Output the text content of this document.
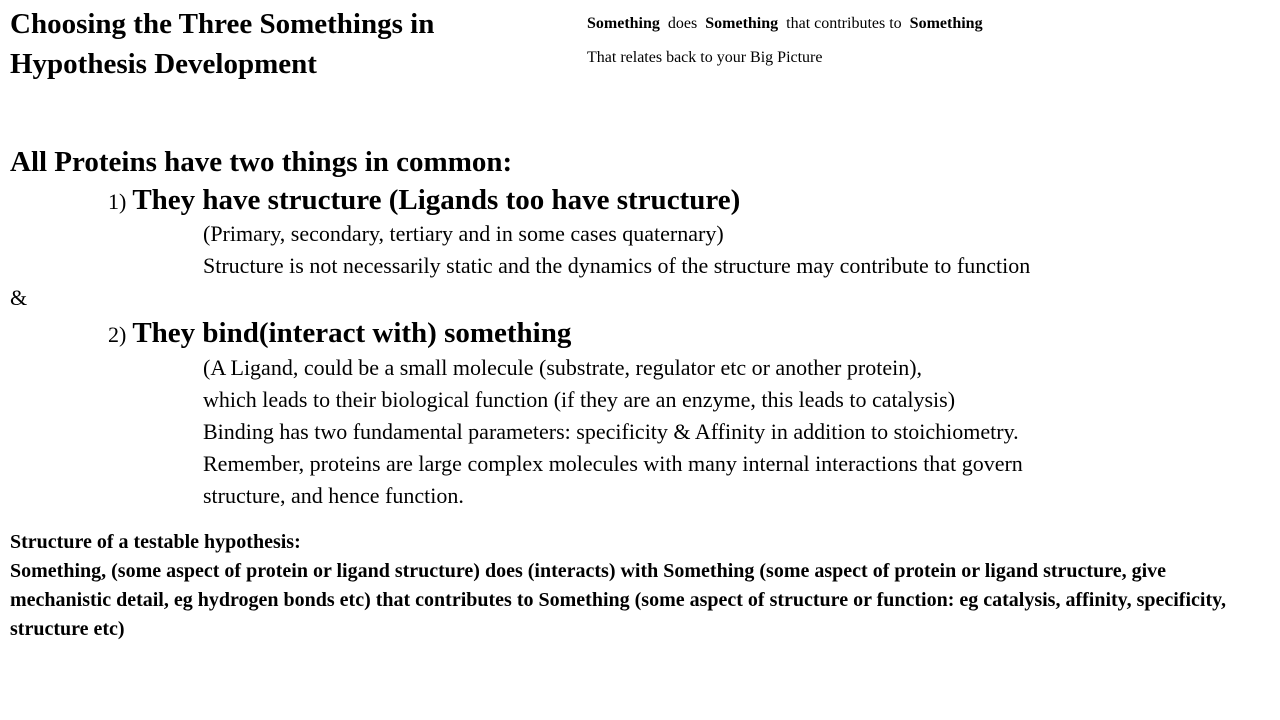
Choosing the Three Somethings in Hypothesis Development
Something does Something that contributes to Something
That relates back to your Big Picture
All Proteins have two things in common:
1) They have structure (Ligands too have structure)
(Primary, secondary, tertiary and in some cases quaternary)
Structure is not necessarily static and the dynamics of the structure may contribute to function
&
2) They bind(interact with) something
(A Ligand, could be a small molecule (substrate, regulator etc or another protein),
which leads to their biological function (if they are an enzyme, this leads to catalysis)
Binding has two fundamental parameters: specificity & Affinity in addition to stoichiometry.
Remember, proteins are large complex molecules with many internal interactions that govern
structure, and hence function.
Structure of a testable hypothesis:
Something, (some aspect of protein or ligand structure) does (interacts) with Something (some aspect of protein or ligand structure, give mechanistic detail, eg hydrogen bonds etc) that contributes to Something (some aspect of structure or function: eg catalysis, affinity, specificity, structure etc)
